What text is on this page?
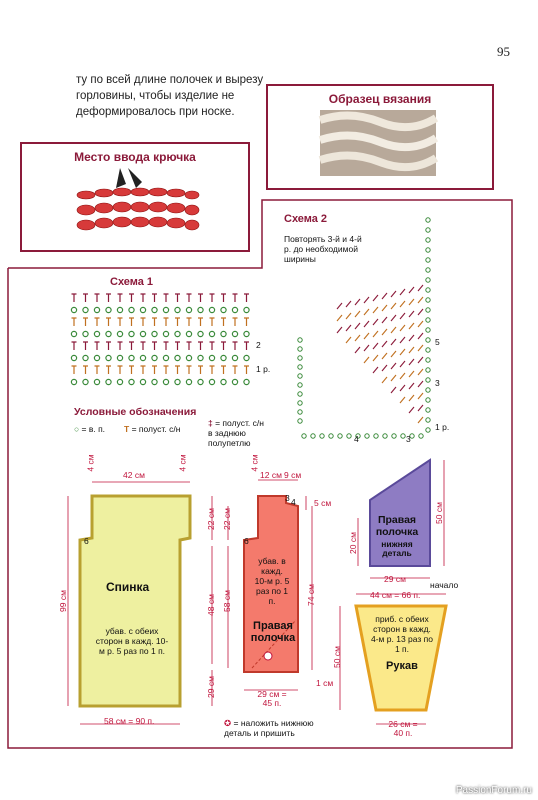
95
ту по всей длине полочек и вырезу горловины, чтобы изделие не деформировалось при носке.
Место ввода крючка
Образец вязания
Схема 1
2
1 р.
Схема 2
Повторять 3-й и 4-й р. до необходимой ширины
5
3
1 р.
4	3
Условные обозначения
○ = в. п. T = полуст. с/н
‡ = полуст. с/н в заднюю полупетлю
42 см
4 см	4 см
99 см
22 см
48 см
29 см
6
Спинка
убав. с обеих сторон в кажд. 10-м р. 5 раз по 1 п.
58 см = 90 п.
4 см
12 см 9 см
3 4
22 см
58 см
5 см
74 см
1 см
6
убав. в кажд. 10-м р. 5 раз по 1 п.
Правая полочка
29 см = 45 п.
Правая полочка
нижняя деталь
50 см
20 см
29 см
начало
44 см = 66 п.
50 см
приб. с обеих сторон в кажд. 4-м р. 13 раз по 1 п.
Рукав
26 см = 40 п.
✪ = наложить нижнюю деталь и пришить
PassionForum.ru
